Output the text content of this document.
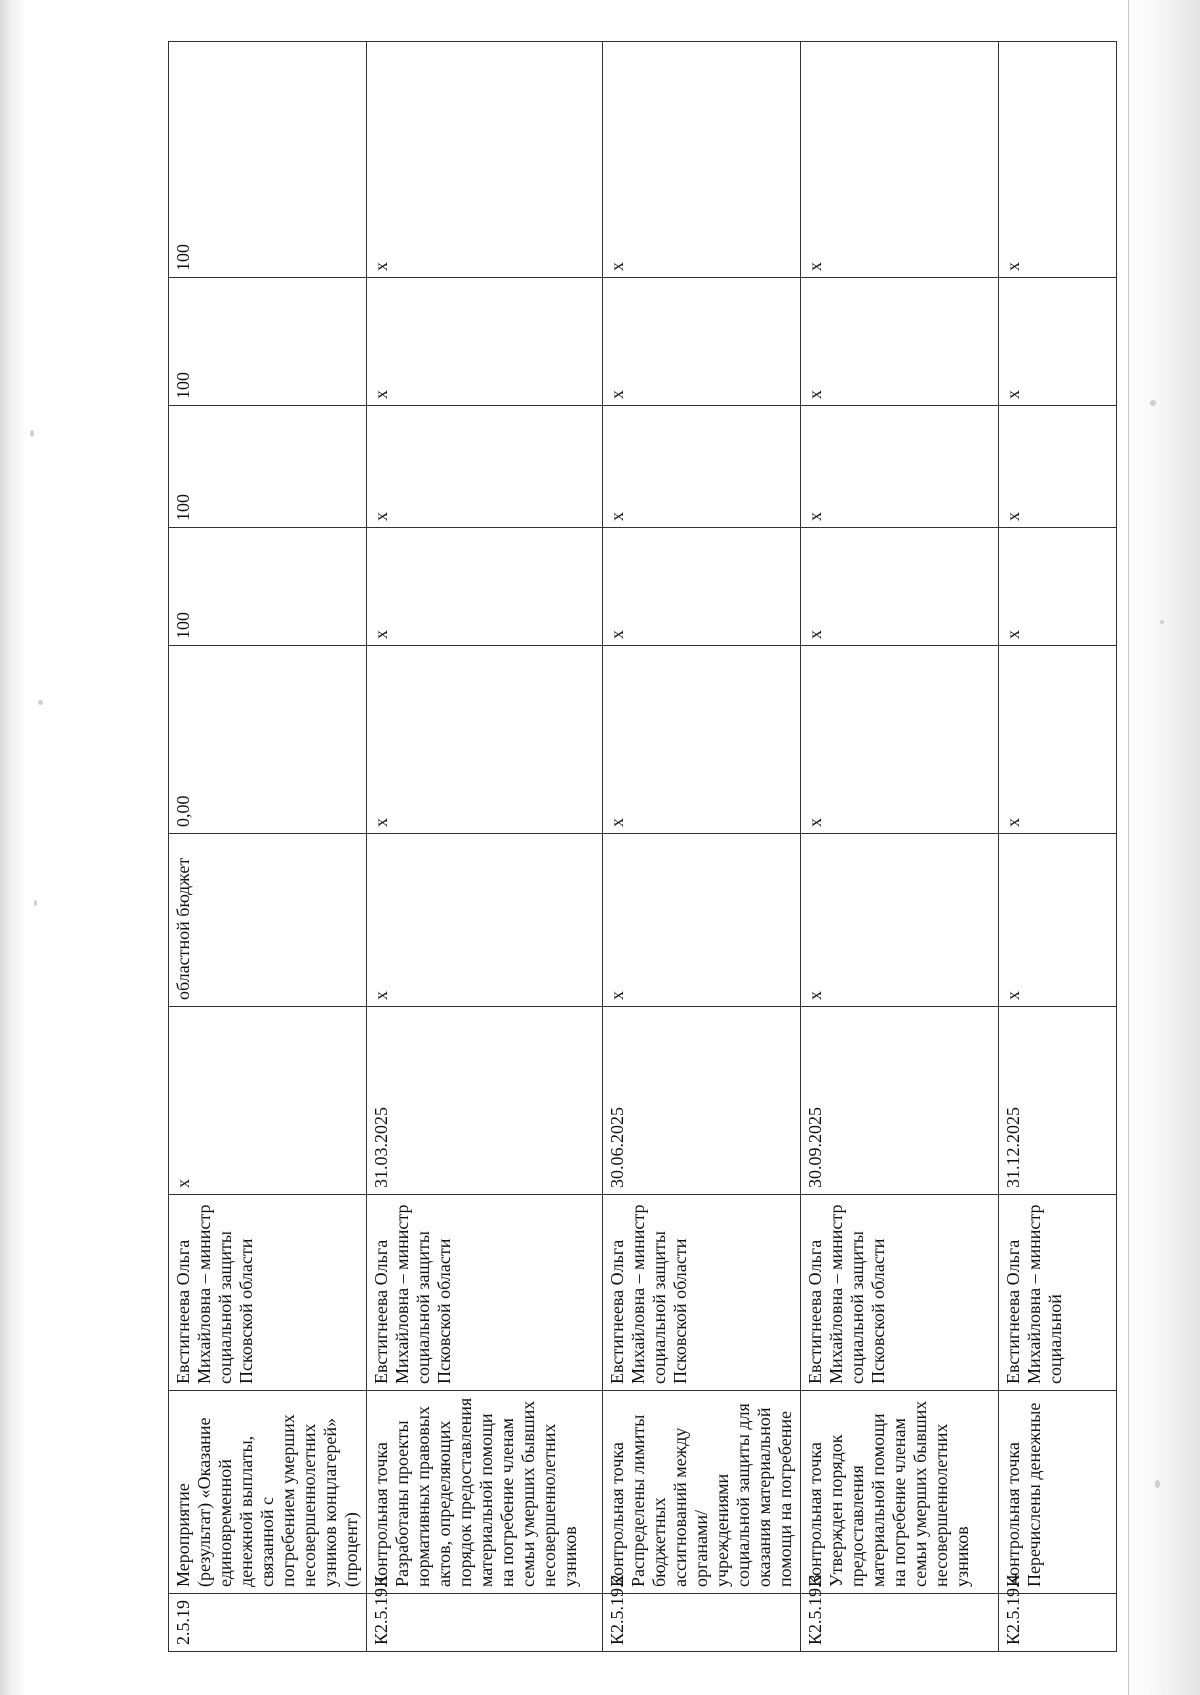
2.5.19	Мероприятие (результат) «Оказание единовременной денежной выплаты, связанной с погребением умерших несовершеннолетних узников концлагерей» (процент)	Евстигнеева Ольга Михайловна – министр социальной защиты Псковской области	х	областной бюджет	0,00	100	100	100	100
К2.5.19.1	Контрольная точка Разработаны проекты нормативных правовых актов, определяющих порядок предоставления материальной помощи на погребение членам семьи умерших бывших несовершеннолетних узников	Евстигнеева Ольга Михайловна – министр социальной защиты Псковской области	31.03.2025	х	х	х	х	х	х
К2.5.19.2	Контрольная точка Распределены лимиты бюджетных ассигнований между органами/учреждениями социальной защиты для оказания материальной помощи на погребение	Евстигнеева Ольга Михайловна – министр социальной защиты Псковской области	30.06.2025	х	х	х	х	х	х
К2.5.19.3	Контрольная точка Утвержден порядок предоставления материальной помощи на погребение членам семьи умерших бывших несовершеннолетних узников	Евстигнеева Ольга Михайловна – министр социальной защиты Псковской области	30.09.2025	х	х	х	х	х	х
К2.5.19.4	Контрольная точка Перечислены денежные	Евстигнеева Ольга Михайловна – министр социальной	31.12.2025	х	х	х	х	х	х
